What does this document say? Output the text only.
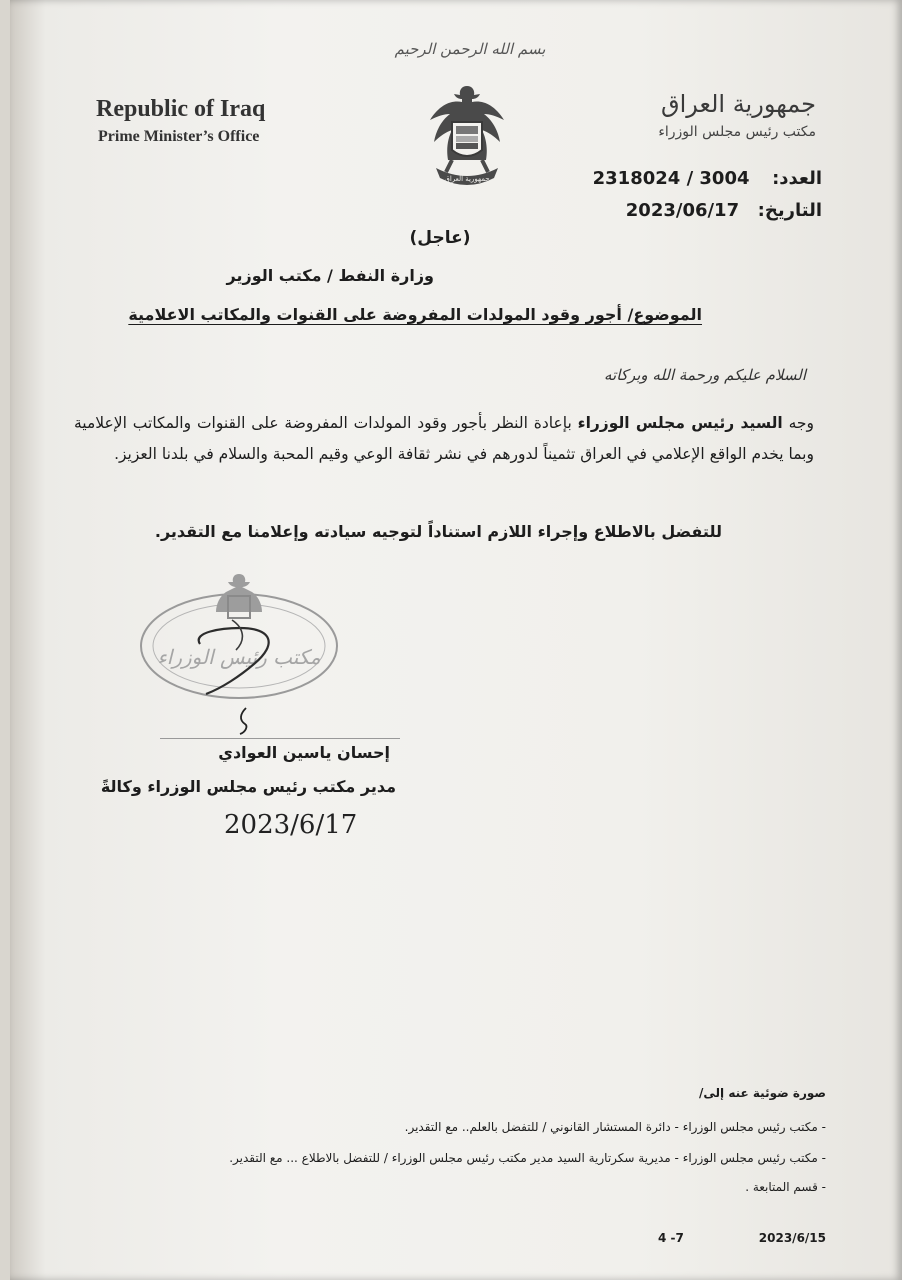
بسم الله الرحمن الرحيم
Republic of Iraq
Prime Minister’s Office
جمهورية العراق
مكتب رئيس مجلس الوزراء
جمهورية العراق	العدد:  2318024 / 3004
التاريخ:  2023/06/17
(عاجل)
وزارة النفط / مكتب الوزير
الموضوع/ أجور وقود المولدات المفروضة على القنوات والمكاتب الاعلامية
السلام عليكم ورحمة الله وبركاته
وجه السيد رئيس مجلس الوزراء بإعادة النظر بأجور وقود المولدات المفروضة على القنوات والمكاتب الإعلامية وبما يخدم الواقع الإعلامي في العراق تثميناً لدورهم في نشر ثقافة الوعي وقيم المحبة والسلام في بلدنا العزيز.
للتفضل بالاطلاع وإجراء اللازم استناداً لتوجيه سيادته وإعلامنا مع التقدير.
مكتب رئيس الوزراء
إحسان ياسين العوادي
مدير مكتب رئيس مجلس الوزراء وكالةً
2023/6/17
صورة ضوئية عنه إلى/
- مكتب رئيس مجلس الوزراء - دائرة المستشار القانوني / للتفضل بالعلم.. مع التقدير.
- مكتب رئيس مجلس الوزراء - مديرية سكرتارية السيد مدير مكتب رئيس مجلس الوزراء / للتفضل بالاطلاع ... مع التقدير.
- قسم المتابعة .
2023/6/15
4 -7
